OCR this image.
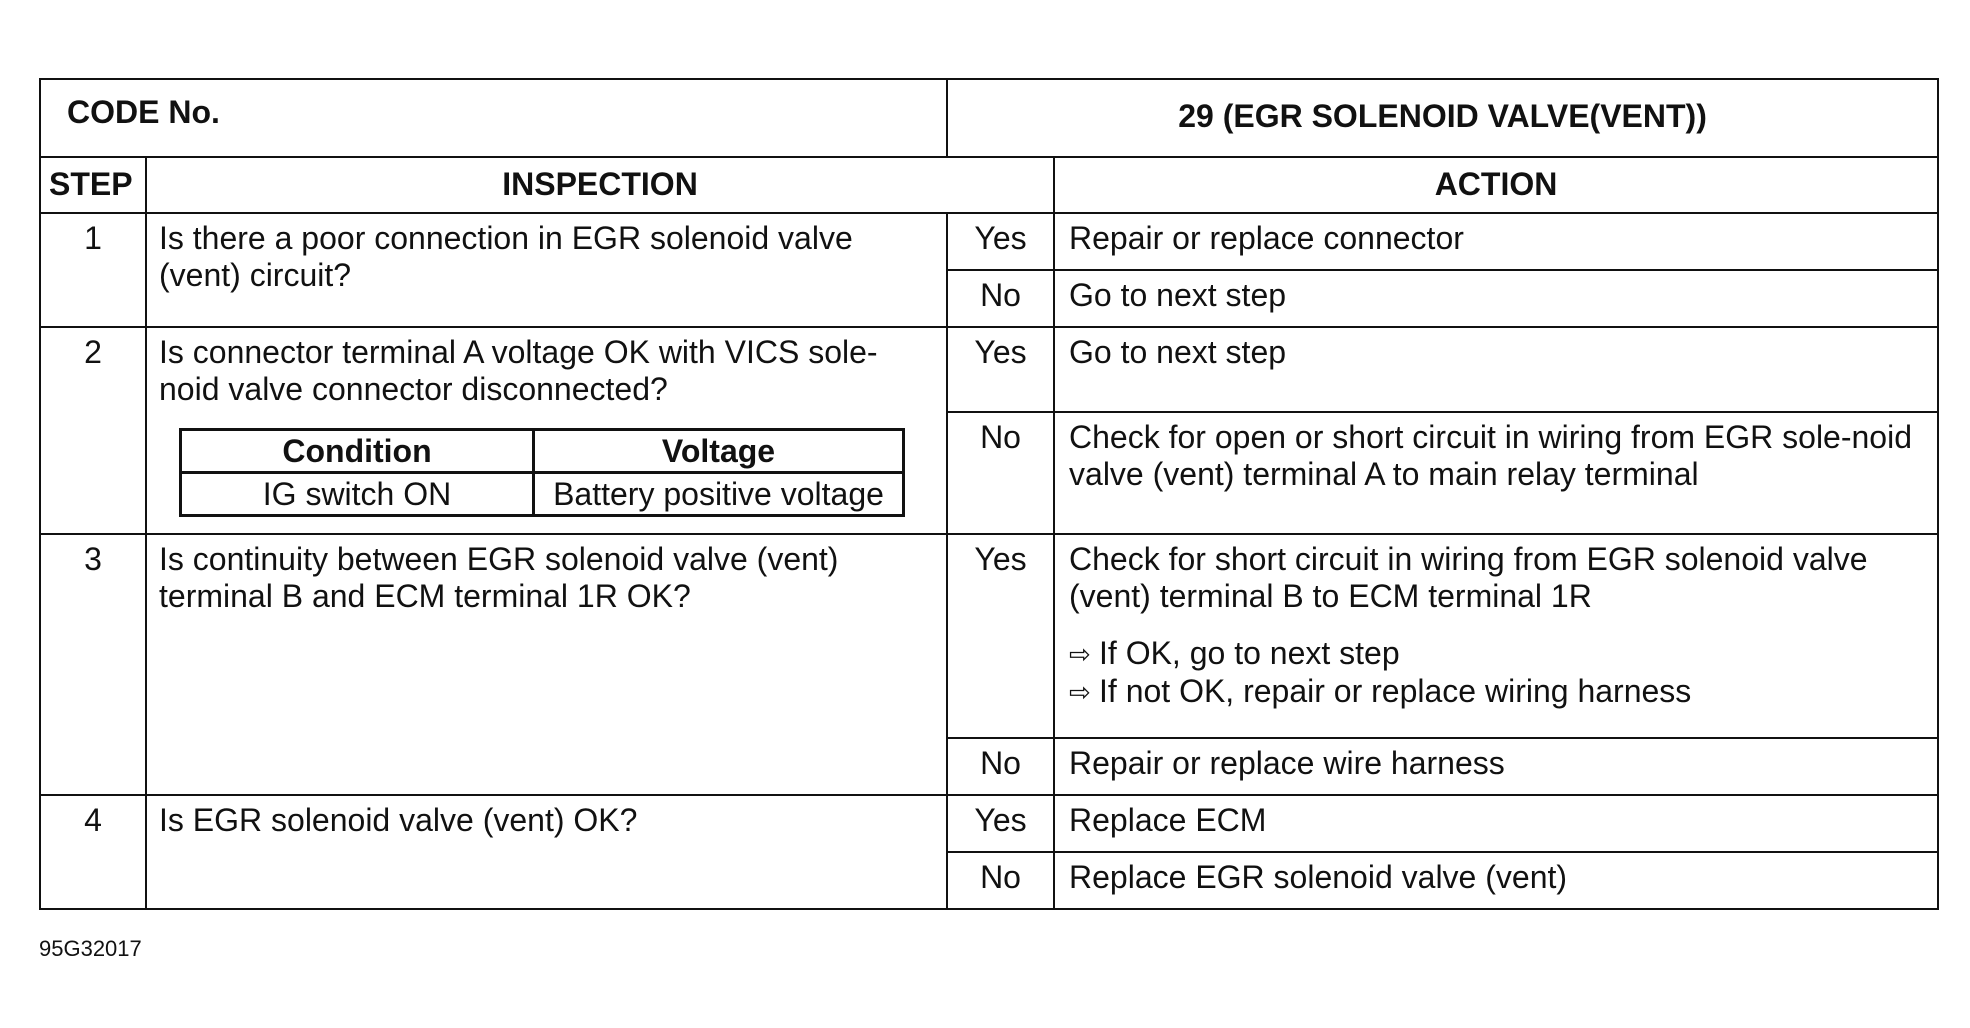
CODE No.	29 (EGR SOLENOID VALVE(VENT))
STEP	INSPECTION	ACTION
1	Is there a poor connection in EGR solenoid valve (vent) circuit?	Yes	Repair or replace connector
No	Go to next step
2	Is connector terminal A voltage OK with VICS sole-noid valve connector disconnected?
Condition	Voltage
IG switch ON	Battery positive voltage
	Yes	Go to next step
No	Check for open or short circuit in wiring from EGR sole-noid valve (vent) terminal A to main relay terminal
3	Is continuity between EGR solenoid valve (vent) terminal B and ECM terminal 1R OK?	Yes	Check for short circuit in wiring from EGR solenoid valve (vent) terminal B to ECM terminal 1R
⇨ If OK, go to next step
⇨ If not OK, repair or replace wiring harness

No	Repair or replace wire harness
4	Is EGR solenoid valve (vent) OK?	Yes	Replace ECM
No	Replace EGR solenoid valve (vent)
95G32017
